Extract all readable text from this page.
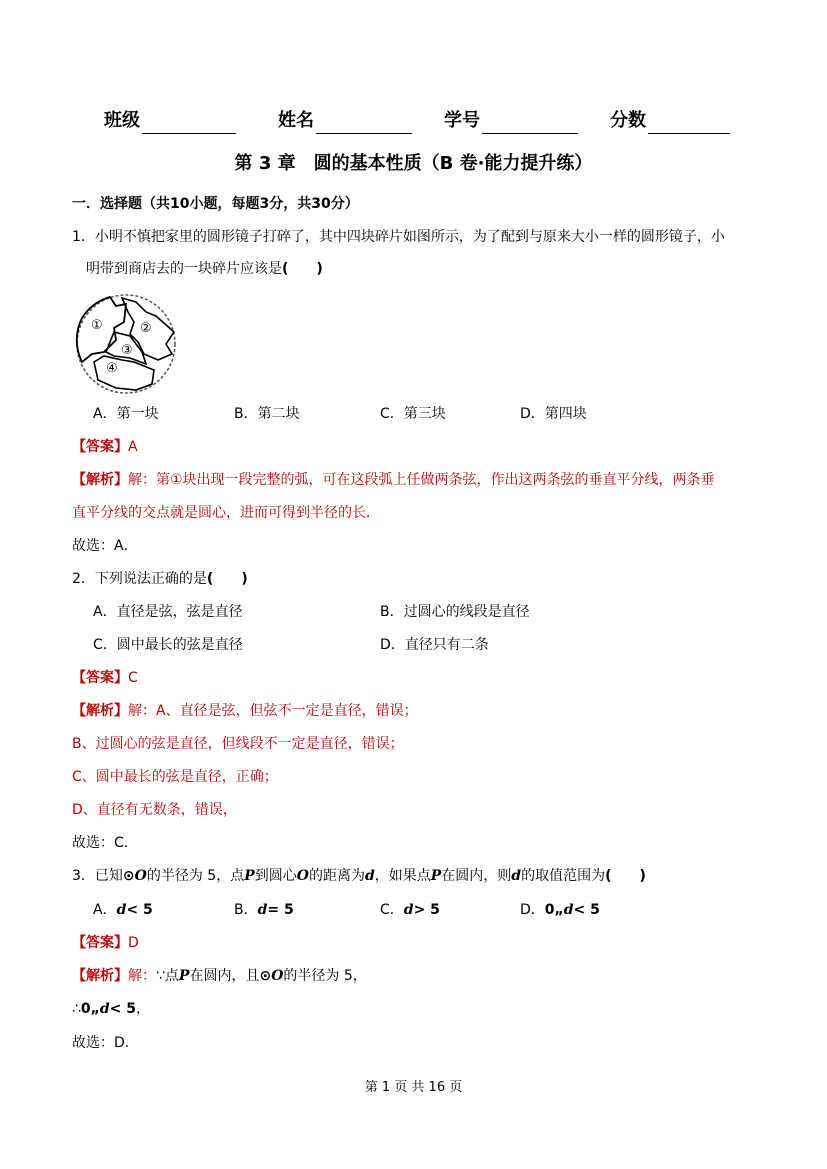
班级	姓名	学号	分数
第 3 章　圆的基本性质（B 卷·能力提升练）
一．选择题（共10小题，每题3分，共30分）
1．小明不慎把家里的圆形镜子打碎了，其中四块碎片如图所示，为了配到与原来大小一样的圆形镜子，小
明带到商店去的一块碎片应该是(　　)
①	②
③
④
A．第一块	B．第二块	C．第三块	D．第四块
【答案】A
【解析】解：第①块出现一段完整的弧，可在这段弧上任做两条弦，作出这两条弦的垂直平分线，两条垂
直平分线的交点就是圆心，进而可得到半径的长．
故选：A．
2．下列说法正确的是(　　)
A．直径是弦，弦是直径	B．过圆心的线段是直径
C．圆中最长的弦是直径	D．直径只有二条
【答案】C
【解析】解：A、直径是弦，但弦不一定是直径，错误；
B、过圆心的弦是直径，但线段不一定是直径，错误；
C、圆中最长的弦是直径，正确；
D、直径有无数条，错误，
故选：C．
3．已知⊙O的半径为 5，点P到圆心O的距离为d，如果点P在圆内，则d的取值范围为(　　)
A．d< 5	B．d= 5	C．d> 5	D．0„d< 5
【答案】D
【解析】解：∵点P在圆内，且⊙O的半径为 5，
∴0„d< 5，
故选：D．
第 1 页 共 16 页
